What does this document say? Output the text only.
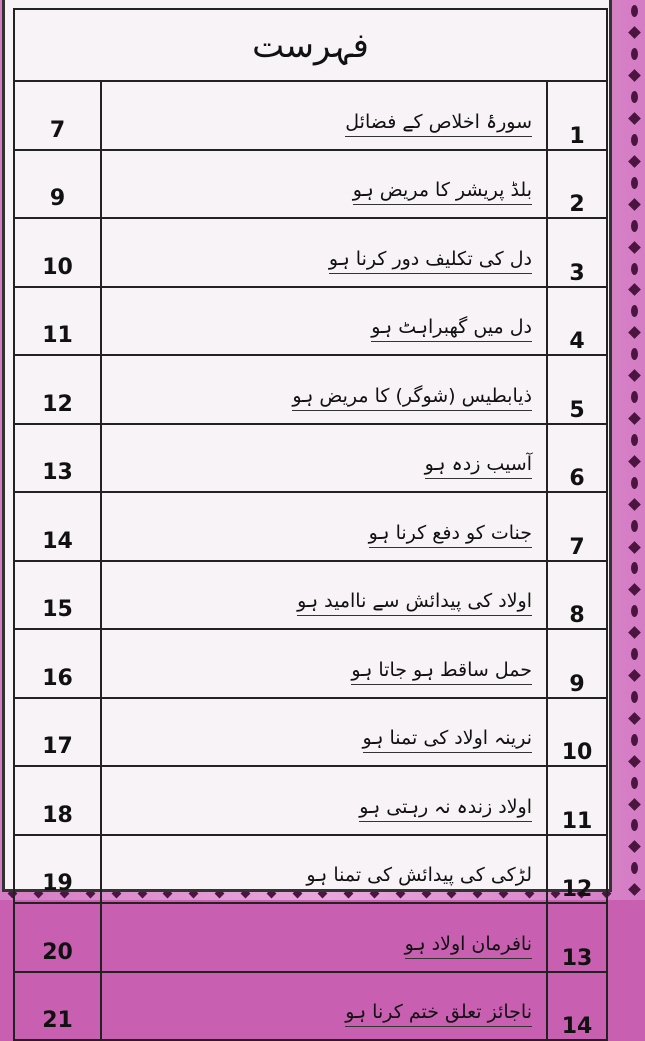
فہرست
7	سورۂ اخلاص کے فضائل	1
9	بلڈ پریشر کا مریض ہو	2
10	دل کی تکلیف دور کرنا ہو	3
11	دل میں گھبراہٹ ہو	4
12	ذیابطیس (شوگر) کا مریض ہو	5
13	آسیب زدہ ہو	6
14	جنات کو دفع کرنا ہو	7
15	اولاد کی پیدائش سے ناامید ہو	8
16	حمل ساقط ہو جاتا ہو	9
17	نرینہ اولاد کی تمنا ہو	10
18	اولاد زندہ نہ رہتی ہو	11
19	لڑکی کی پیدائش کی تمنا ہو	12
20	نافرمان اولاد ہو	13
21	ناجائز تعلق ختم کرنا ہو	14
